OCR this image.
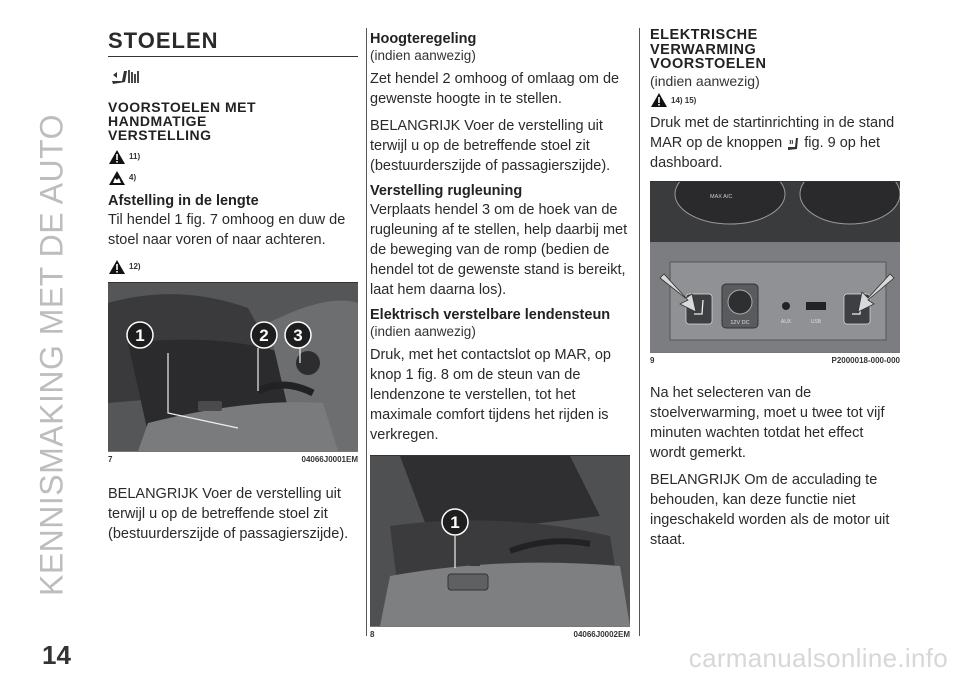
KENNISMAKING MET DE AUTO
14	carmanualsonline.info
STOELEN
VOORSTOELEN MET
HANDMATIGE
VERSTELLING
11)
4)
Afstelling in de lengte

Til hendel 1 fig. 7 omhoog en duw de stoel naar voren of naar achteren.

12)
1	2 3
7	04066J0001EM

BELANGRIJK Voer de verstelling uit terwijl u op de betreffende stoel zit (bestuurderszijde of passagierszijde).

Hoogteregeling
(indien aanwezig)

Zet hendel 2 omhoog of omlaag om de gewenste hoogte in te stellen.

BELANGRIJK Voer de verstelling uit terwijl u op de betreffende stoel zit (bestuurderszijde of passagierszijde).

Verstelling rugleuning

Verplaats hendel 3 om de hoek van de rugleuning af te stellen, help daarbij met de beweging van de romp (bedien de hendel tot de gewenste stand is bereikt, laat hem daarna los).

Elektrisch verstelbare lendensteun
(indien aanwezig)

Druk, met het contactslot op MAR, op knop 1 fig. 8 om de steun van de lendenzone te verstellen, tot het maximale comfort tijdens het rijden is verkregen.

1
8	04066J0002EM
ELEKTRISCHE
VERWARMING
VOORSTOELEN
(indien aanwezig)
14) 15)

Druk met de startinrichting in de stand MAR op de knoppen fig. 9 op het dashboard.

MAX A/C
12V DC	AUX	USB
9	P2000018-000-000

Na het selecteren van de stoelverwarming, moet u twee tot vijf minuten wachten totdat het effect wordt gemerkt.

BELANGRIJK Om de acculading te behouden, kan deze functie niet ingeschakeld worden als de motor uit staat.
